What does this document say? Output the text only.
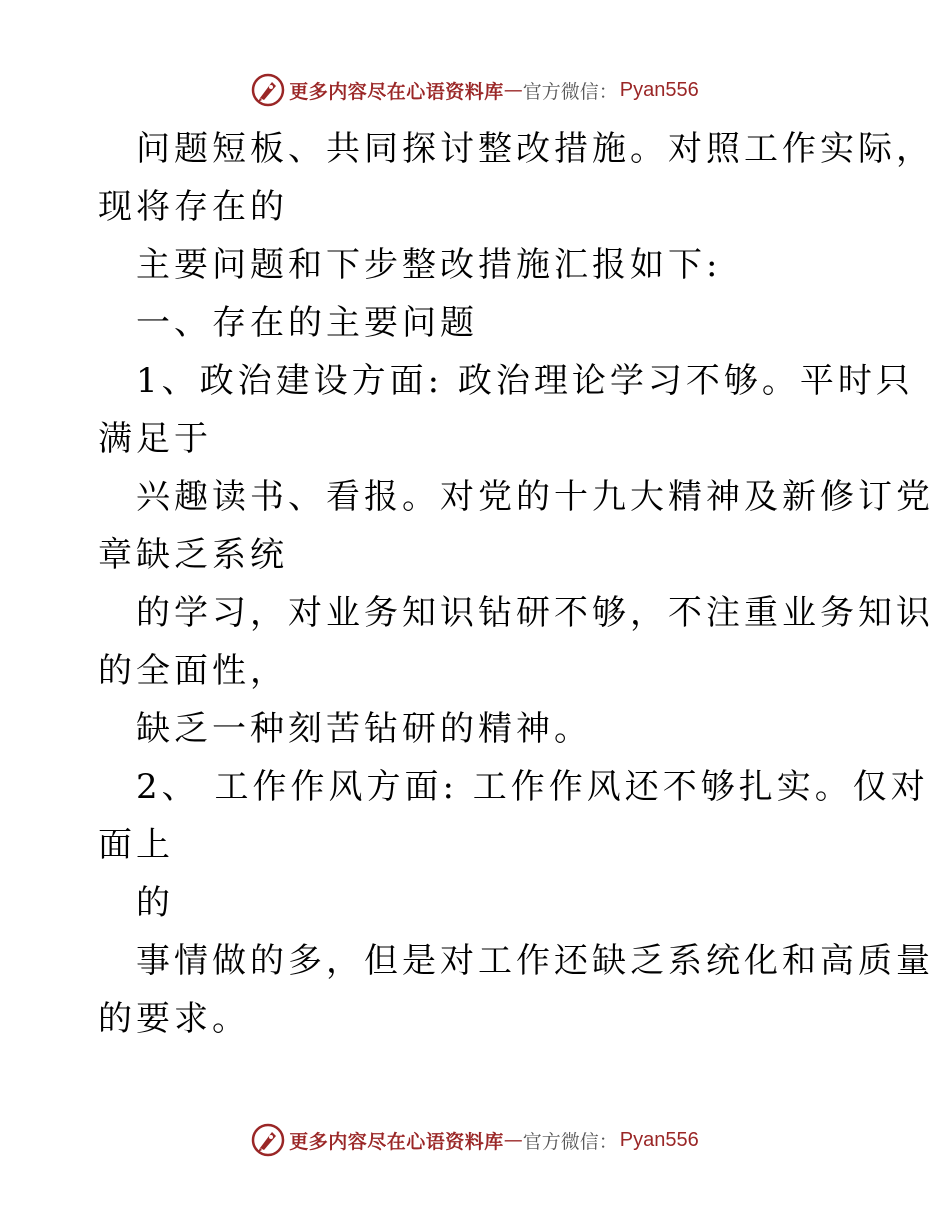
更多内容尽在心语资料库 — 官方微信： Pyan556
问题短板、共同探讨整改措施。对照工作实际，
现将存在的
主要问题和下步整改措施汇报如下:
一、存在的主要问题
1、政治建设方面: 政治理论学习不够。平时只
满足于
兴趣读书、看报。对党的十九大精神及新修订党
章缺乏系统
的学习，对业务知识钻研不够，不注重业务知识
的全面性，
缺乏一种刻苦钻研的精神。
2、 工作作风方面: 工作作风还不够扎实。仅对
面上
的
事情做的多，但是对工作还缺乏系统化和高质量
的要求。
更多内容尽在心语资料库 — 官方微信： Pyan556
